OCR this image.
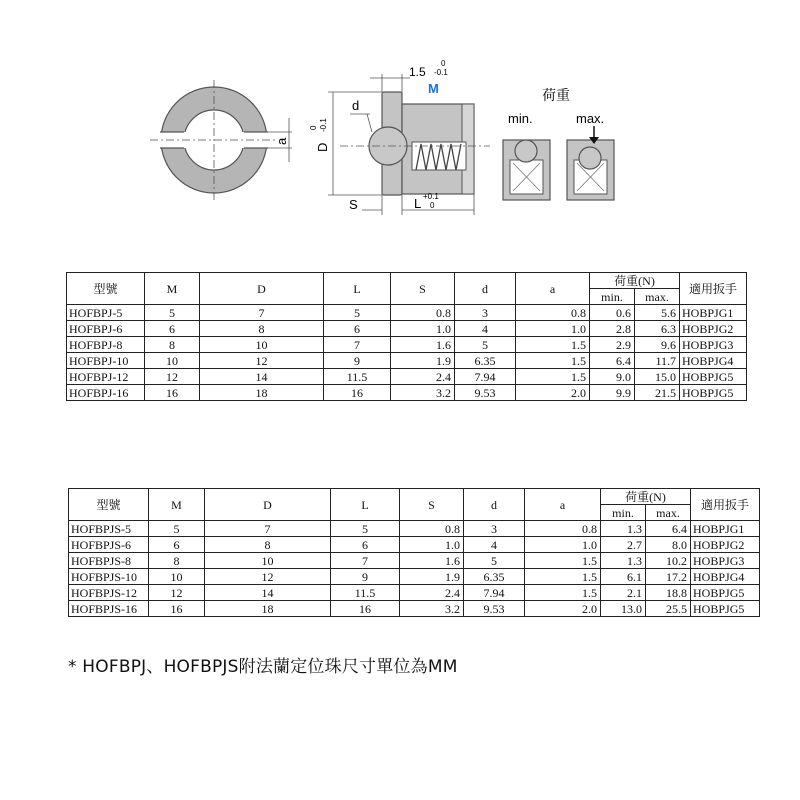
a
1.5
0
-0.1
M
d
D
0 -0.1
S	L +0.1
0
荷重
min.	max.
型號	M	D	L	S	d	a	荷重(N)		適用扳手
							min.	max.	
HOFBPJ-5	5	7	5	0.8	3	0.8	0.6	5.6	HOBPJG1
HOFBPJ-6	6	8	6	1.0	4	1.0	2.8	6.3	HOBPJG2
HOFBPJ-8	8	10	7	1.6	5	1.5	2.9	9.6	HOBPJG3
HOFBPJ-10	10	12	9	1.9	6.35	1.5	6.4	11.7	HOBPJG4
HOFBPJ-12	12	14	11.5	2.4	7.94	1.5	9.0	15.0	HOBPJG5
HOFBPJ-16	16	18	16	3.2	9.53	2.0	9.9	21.5	HOBPJG5
型號	M	D	L	S	d	a	荷重(N)		適用扳手
							min.	max.	
HOFBPJS-5	5	7	5	0.8	3	0.8	1.3	6.4	HOBPJG1
HOFBPJS-6	6	8	6	1.0	4	1.0	2.7	8.0	HOBPJG2
HOFBPJS-8	8	10	7	1.6	5	1.5	1.3	10.2	HOBPJG3
HOFBPJS-10	10	12	9	1.9	6.35	1.5	6.1	17.2	HOBPJG4
HOFBPJS-12	12	14	11.5	2.4	7.94	1.5	2.1	18.8	HOBPJG5
HOFBPJS-16	16	18	16	3.2	9.53	2.0	13.0	25.5	HOBPJG5
* HOFBPJ、HOFBPJS附法蘭定位珠尺寸單位為MM
